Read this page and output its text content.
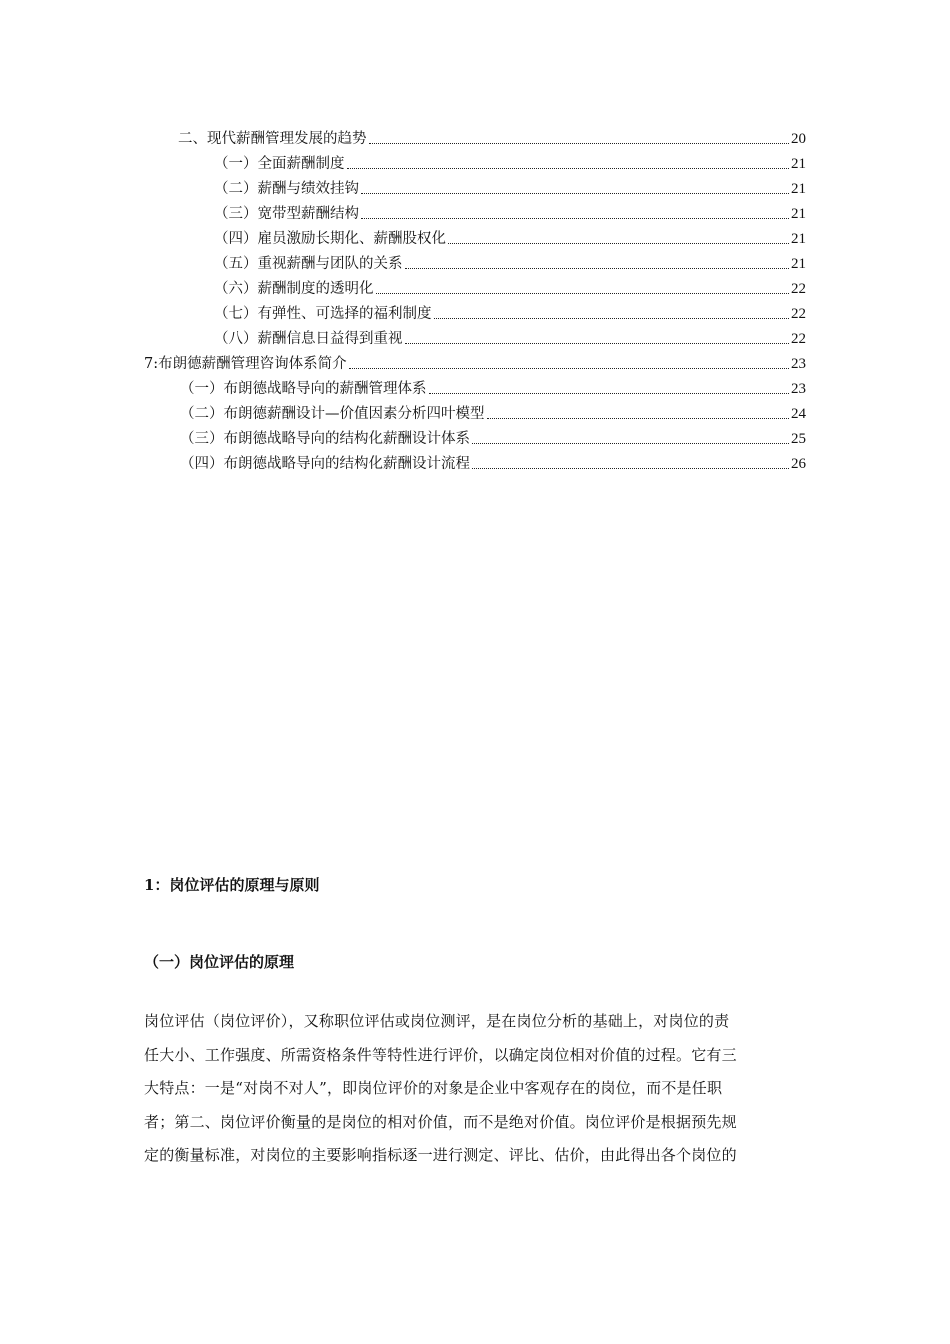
二、现代薪酬管理发展的趋势	20
（一）全面薪酬制度	21
（二）薪酬与绩效挂钩	21
（三）宽带型薪酬结构	21
（四）雇员激励长期化、薪酬股权化	21
（五）重视薪酬与团队的关系	21
（六）薪酬制度的透明化	22
（七）有弹性、可选择的福利制度	22
（八）薪酬信息日益得到重视	22
7:布朗德薪酬管理咨询体系简介	23
（一）布朗德战略导向的薪酬管理体系	23
（二）布朗德薪酬设计—价值因素分析四叶模型	24
（三）布朗德战略导向的结构化薪酬设计体系	25
（四）布朗德战略导向的结构化薪酬设计流程	26
1：岗位评估的原理与原则
（一）岗位评估的原理
岗位评估（岗位评价），又称职位评估或岗位测评，是在岗位分析的基础上，对岗位的责
任大小、工作强度、所需资格条件等特性进行评价，以确定岗位相对价值的过程。它有三
大特点：一是“对岗不对人”，即岗位评价的对象是企业中客观存在的岗位，而不是任职
者；第二、岗位评价衡量的是岗位的相对价值，而不是绝对价值。岗位评价是根据预先规
定的衡量标准，对岗位的主要影响指标逐一进行测定、评比、估价，由此得出各个岗位的
